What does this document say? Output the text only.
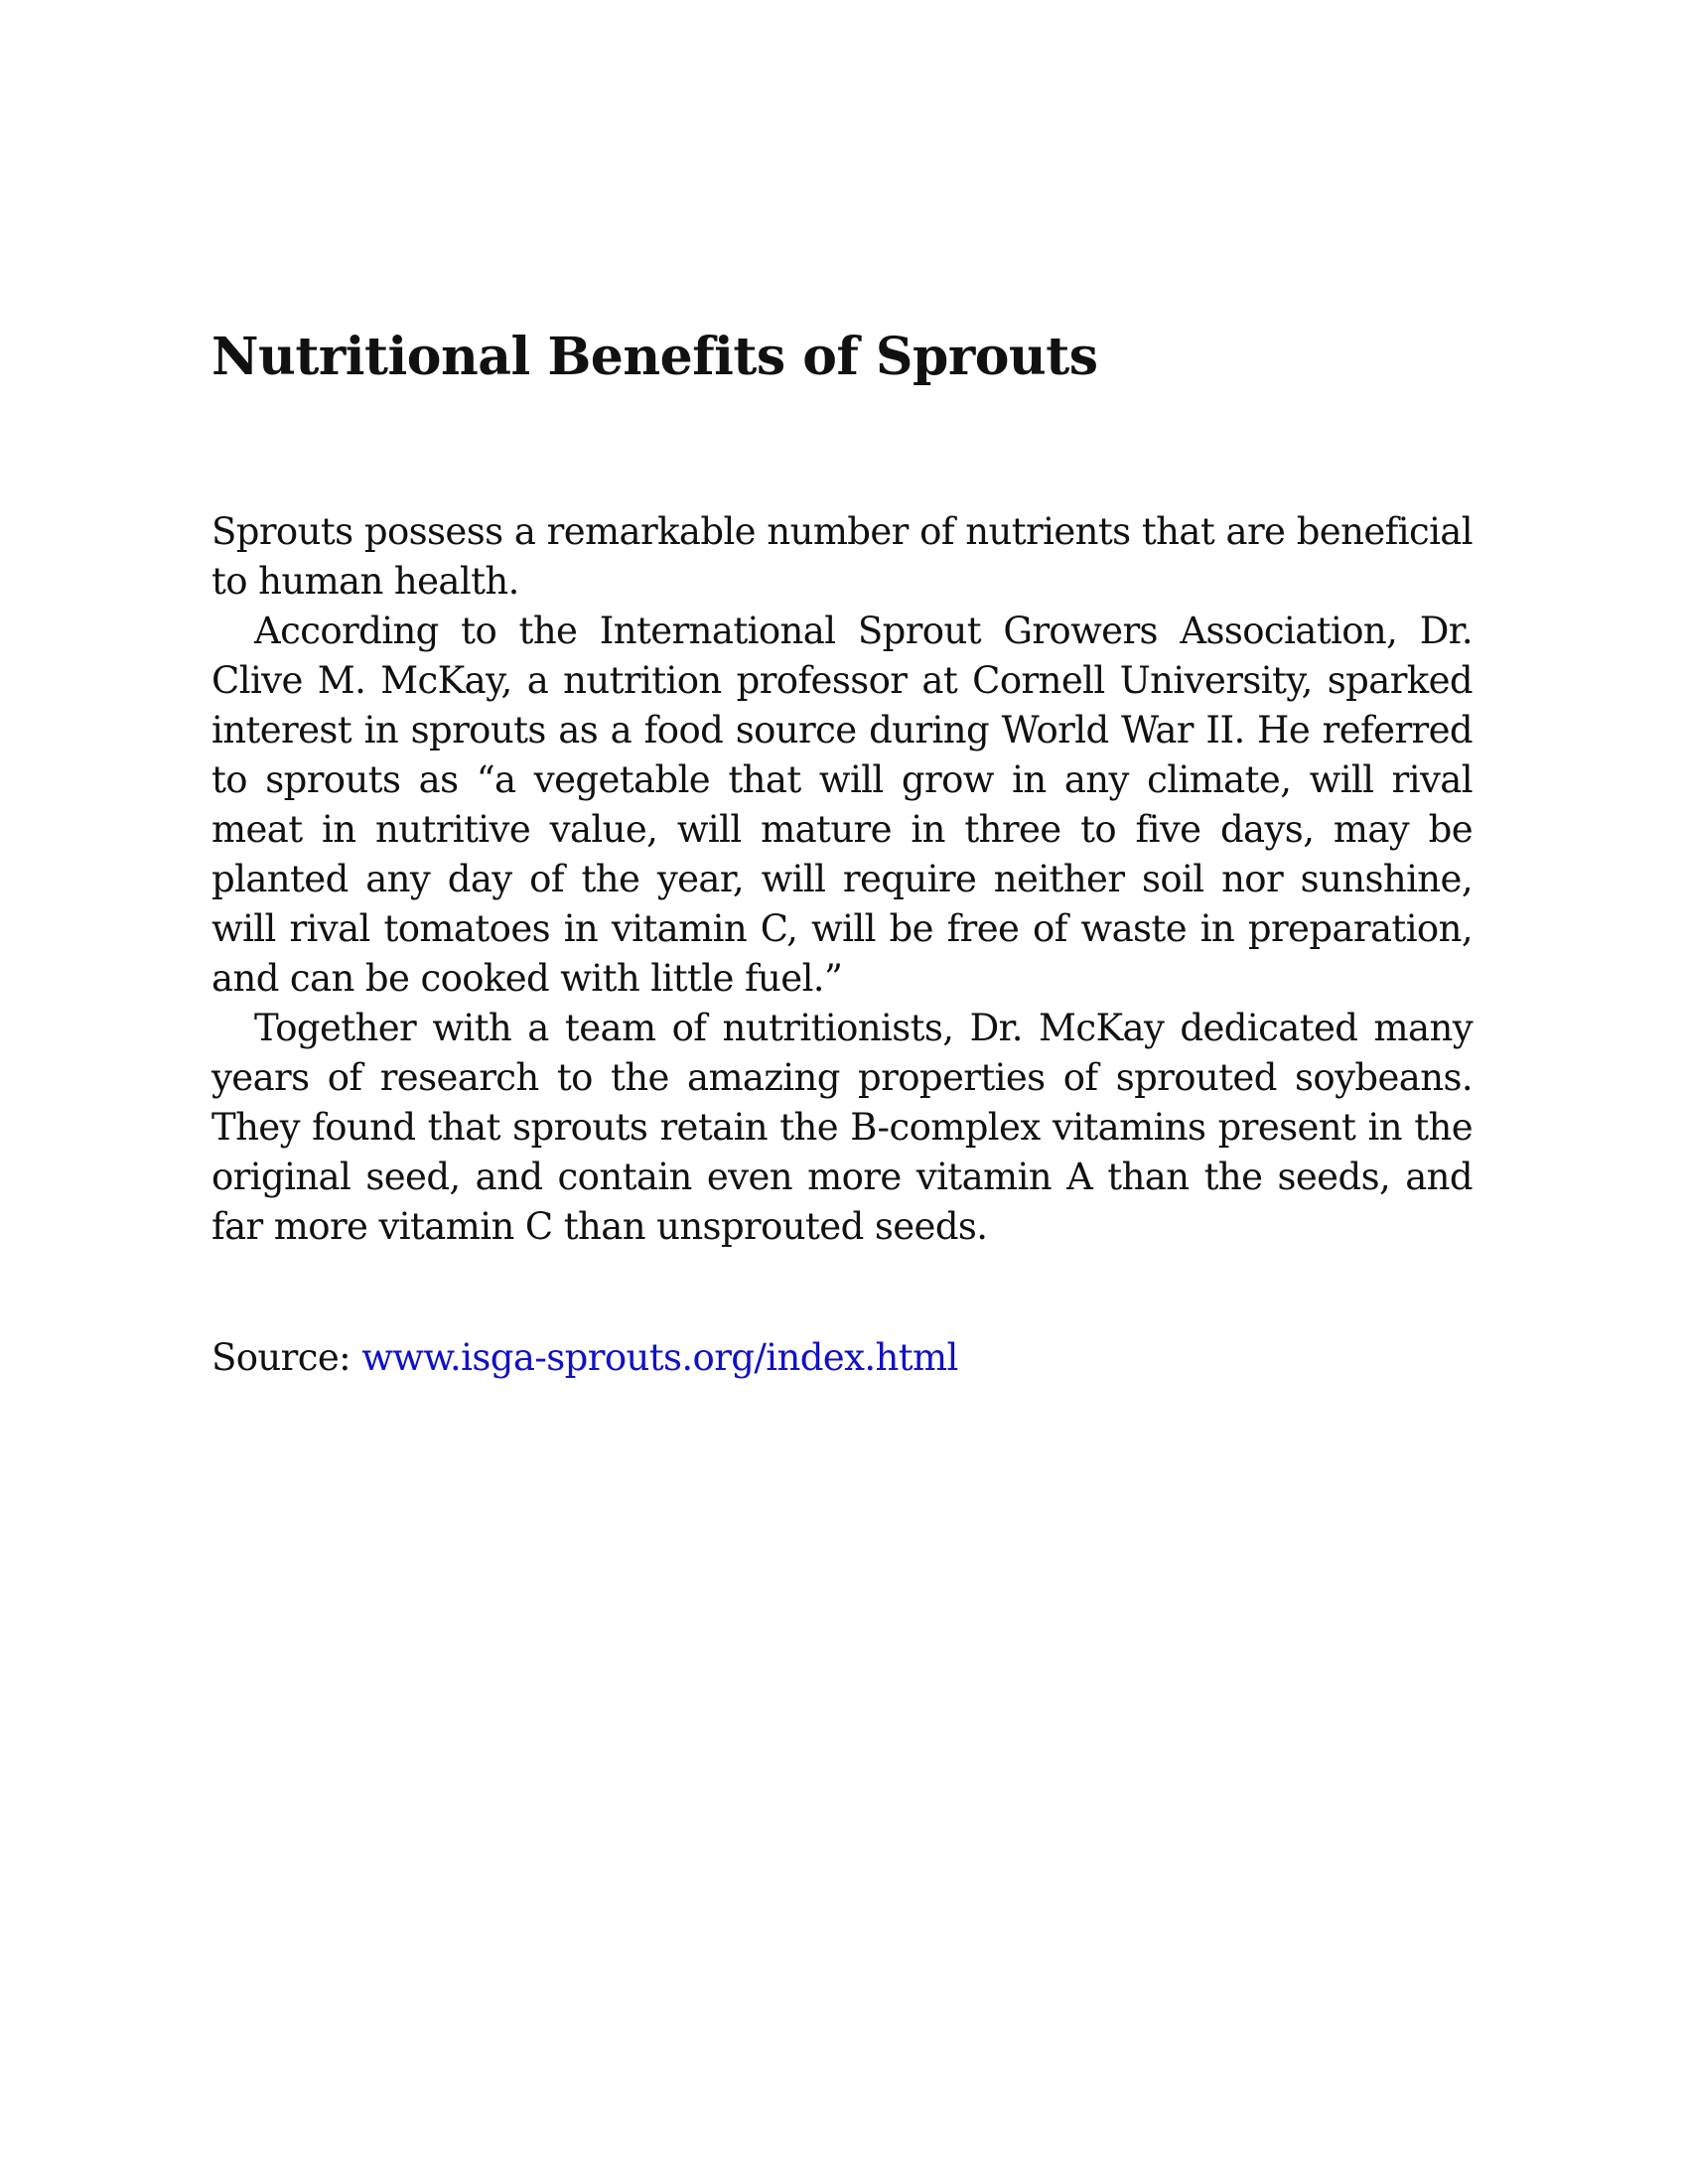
Nutritional Benefits of Sprouts

Sprouts possess a remarkable number of nutrients that are beneficial to human health.

According to the International Sprout Growers Association, Dr. Clive M. McKay, a nutrition professor at Cornell University, sparked interest in sprouts as a food source during World War II. He referred to sprouts as “a vegetable that will grow in any climate, will rival meat in nutritive value, will mature in three to five days, may be planted any day of the year, will require neither soil nor sunshine, will rival tomatoes in vitamin C, will be free of waste in preparation, and can be cooked with little fuel.”

Together with a team of nutritionists, Dr. McKay dedicated many years of research to the amazing properties of sprouted soybeans. They found that sprouts retain the B-complex vitamins present in the original seed, and contain even more vitamin A than the seeds, and far more vitamin C than unsprouted seeds.

Source: www.isga-sprouts.org/index.html
